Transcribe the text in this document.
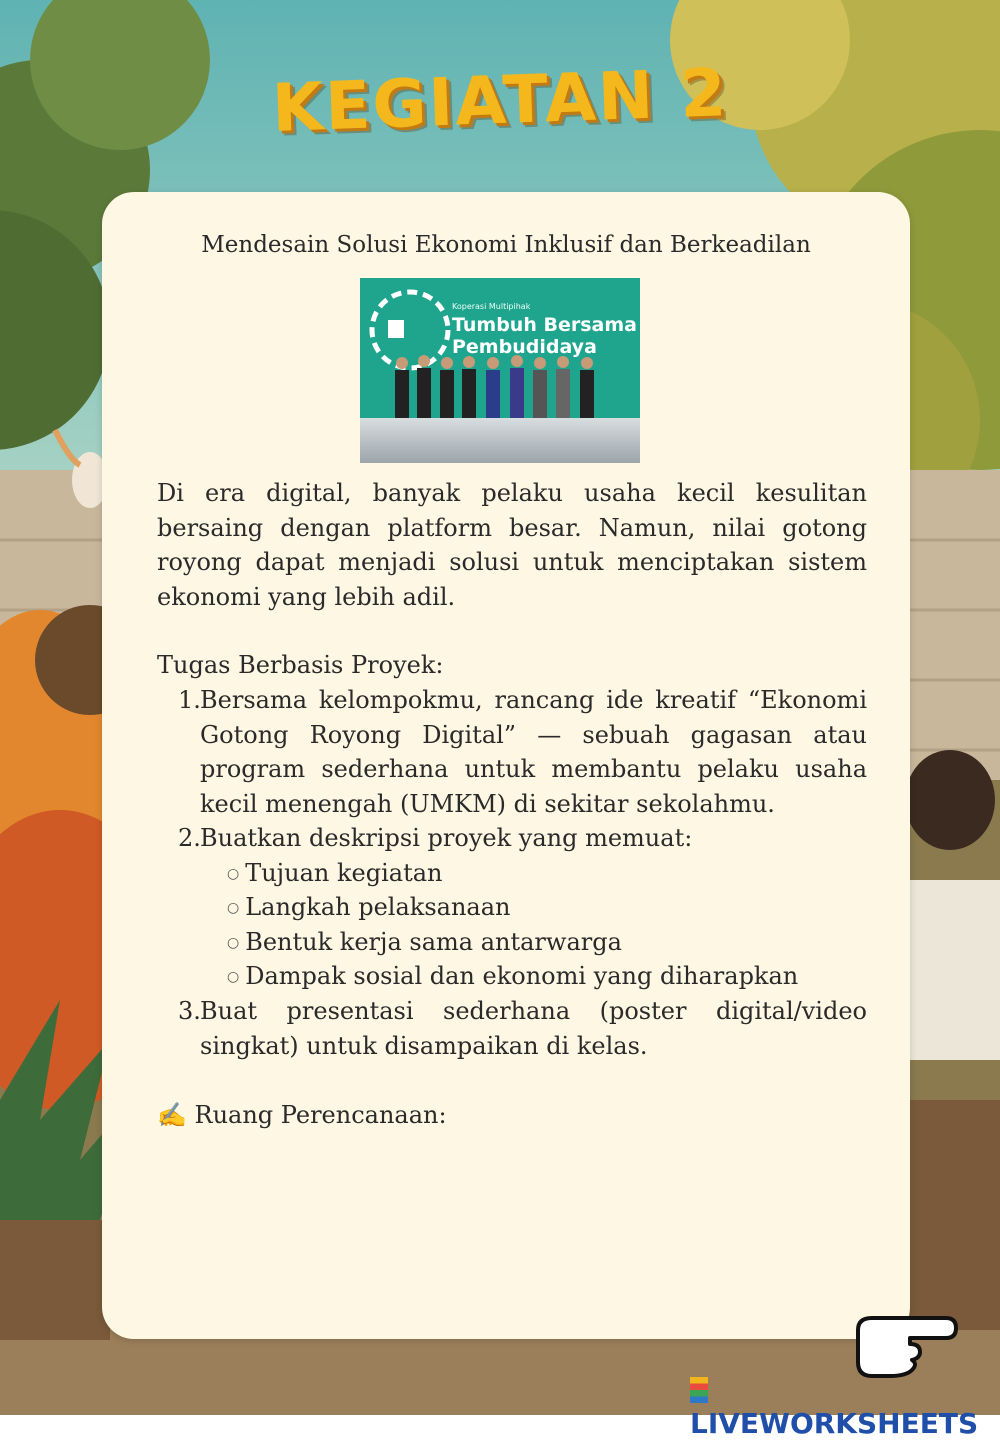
KEGIATAN 2
Mendesain Solusi Ekonomi Inklusif dan Berkeadilan
Koperasi Multipihak
Tumbuh Bersama
Pembudidaya

Di era digital, banyak pelaku usaha kecil kesulitan bersaing dengan platform besar. Namun, nilai gotong royong dapat menjadi solusi untuk menciptakan sistem ekonomi yang lebih adil.

Tugas Berbasis Proyek:
1. Bersama kelompokmu, rancang ide kreatif “Ekonomi Gotong Royong Digital” — sebuah gagasan atau program sederhana untuk membantu pelaku usaha kecil menengah (UMKM) di sekitar sekolahmu.
2. Buatkan deskripsi proyek yang memuat:
○ Tujuan kegiatan
○ Langkah pelaksanaan
○ Bentuk kerja sama antarwarga
○ Dampak sosial dan ekonomi yang diharapkan
3. Buat presentasi sederhana (poster digital/video singkat) untuk disampaikan di kelas.
✍ Ruang Perencanaan:
LIVEWORKSHEETS
